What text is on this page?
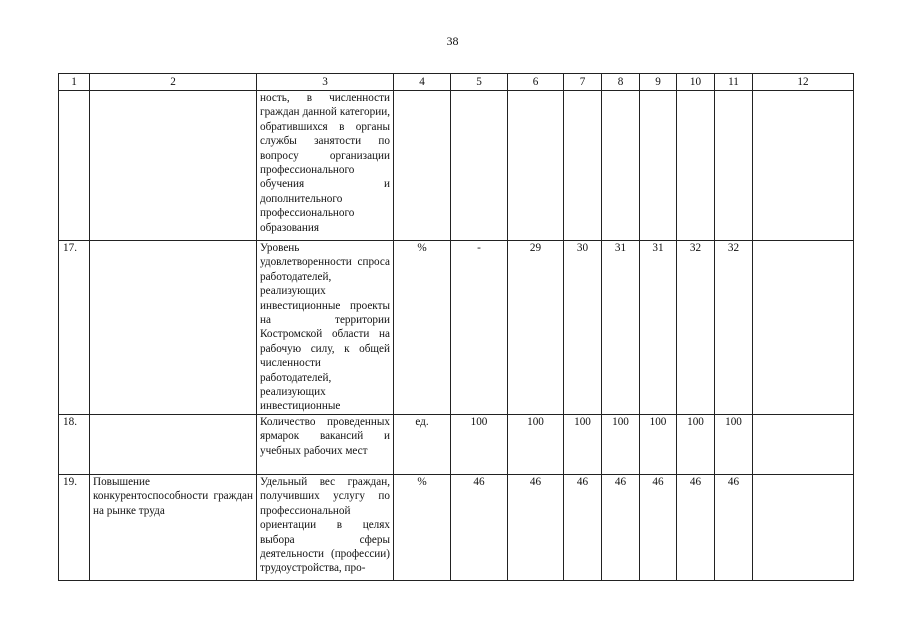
38
1	2	3	4	5	6	7	8	9	10	11	12
		ность, в численности граждан данной категории, обратившихся в органы службы занятости по вопросу организации профессионального обучения и дополнительного профессионального образования									
17.		Уровень удовлетворенности спроса работодателей, реализующих инвестиционные проекты на территории Костромской области на рабочую силу, к общей численности работодателей, реализующих инвестиционные	%	-	29	30	31	31	32	32	
18.		Количество проведенных ярмарок вакансий и учебных рабочих мест	ед.	100	100	100	100	100	100	100	
19.	Повышение конкурентоспособности граждан на рынке труда	Удельный вес граждан, получивших услугу по профессиональной ориентации в целях выбора сферы деятельности (профессии) трудоустройства, про-	%	46	46	46	46	46	46	46	
